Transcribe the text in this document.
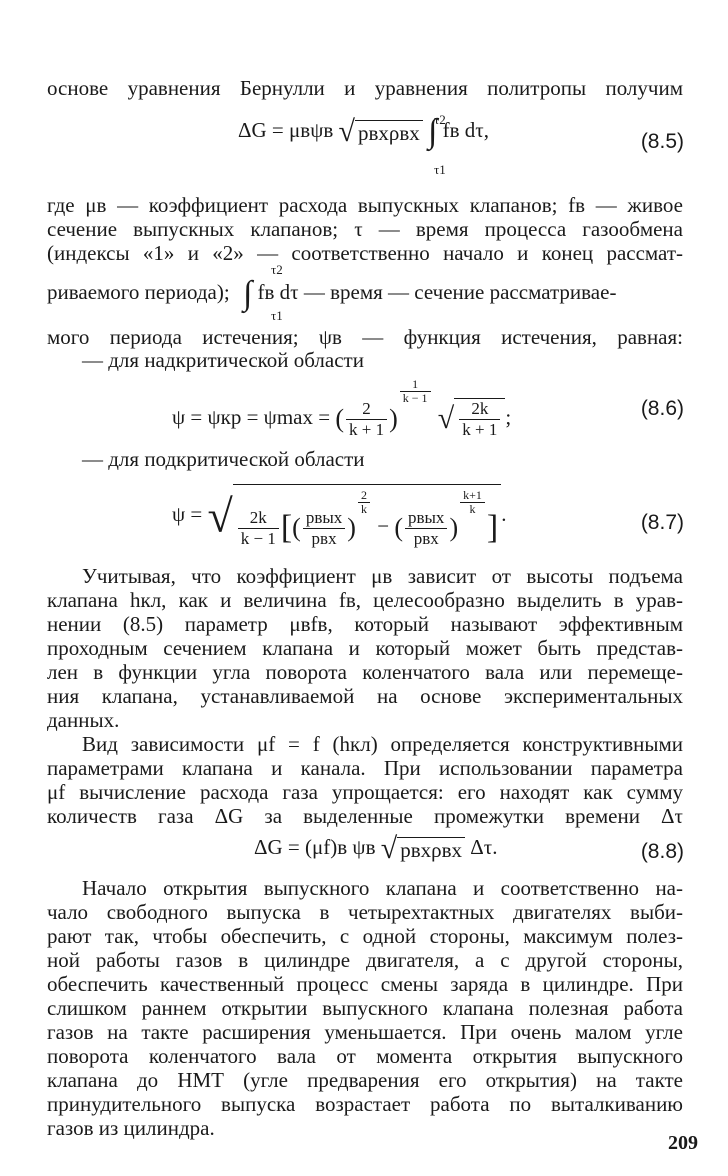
основе уравнения Бернулли и уравнения политропы получим
ΔG = μвψв √ pвхρвх ∫ fв dτ,
τ2
τ1
(8.5)
где μв — коэффициент расхода выпускных клапанов; fв — живое
сечение выпускных клапанов; τ — время процесса газообмена
(индексы «1» и «2» — соответственно начало и конец рассмат-
τ2
риваемого периода); ∫ fв dτ — время — сечение рассматривае-
τ1
мого периода истечения; ψв — функция истечения, равная:
— для надкритической области
ψ = ψкр = ψmax = ( $\frac{2}{k + 1}$ )
$\frac{1}{k - 1}$
√ $\frac{2k}{k + 1}$ ;	(8.6)
— для подкритической области
ψ = √ $\frac{2k}{k - 1}$ [( $\frac{\text{pвых}}{\text{pвх}}$ )
$\frac{2}{k}$
− ( $\frac{\text{pвых}}{\text{pвх}}$ )
$\frac{k+1}{k}$
] .	(8.7)
Учитывая, что коэффициент μв зависит от высоты подъема
клапана hкл, как и величина fв, целесообразно выделить в урав-
нении (8.5) параметр μвfв, который называют эффективным
проходным сечением клапана и который может быть представ-
лен в функции угла поворота коленчатого вала или перемеще-
ния клапана, устанавливаемой на основе экспериментальных
данных.
Вид зависимости μf = f (hкл) определяется конструктивными
параметрами клапана и канала. При использовании параметра
μf вычисление расхода газа упрощается: его находят как сумму
количеств газа ΔG за выделенные промежутки времени Δτ
ΔG = (μf)в ψв √ pвхρвх Δτ.	(8.8)
Начало открытия выпускного клапана и соответственно на-
чало свободного выпуска в четырехтактных двигателях выби-
рают так, чтобы обеспечить, с одной стороны, максимум полез-
ной работы газов в цилиндре двигателя, а с другой стороны,
обеспечить качественный процесс смены заряда в цилиндре. При
слишком раннем открытии выпускного клапана полезная работа
газов на такте расширения уменьшается. При очень малом угле
поворота коленчатого вала от момента открытия выпускного
клапана до НМТ (угле предварения его открытия) на такте
принудительного выпуска возрастает работа по выталкиванию
газов из цилиндра.
209
